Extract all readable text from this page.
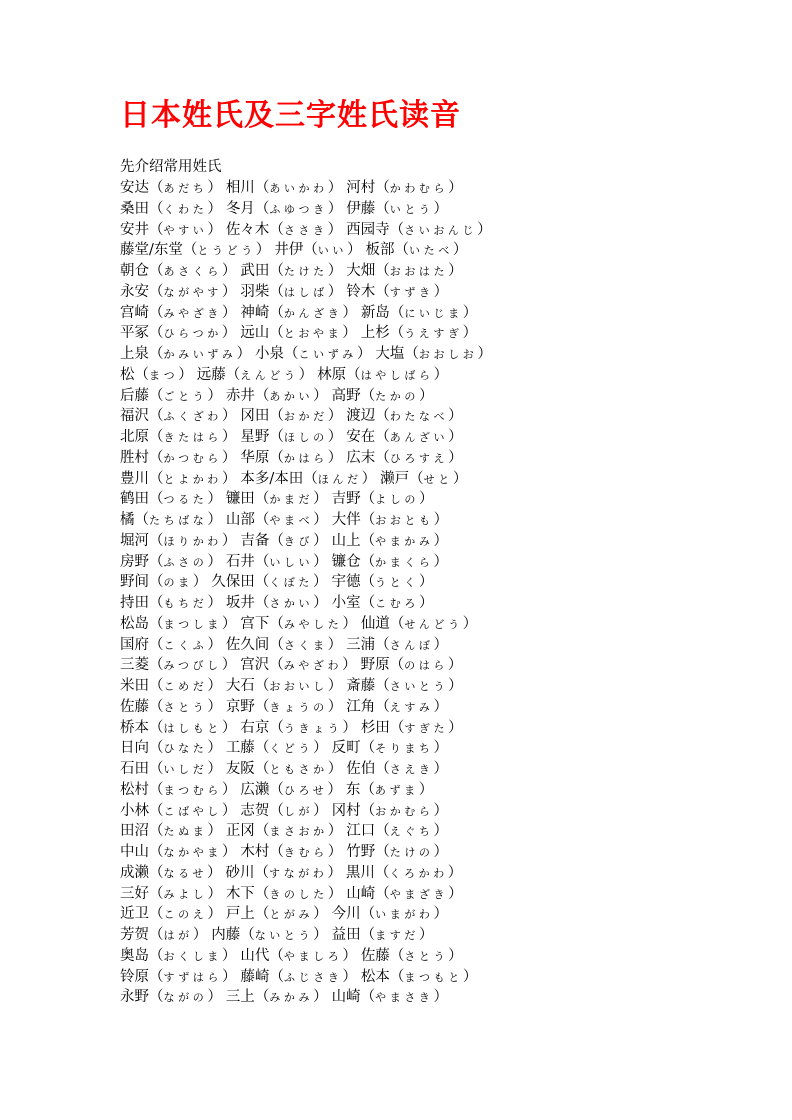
日本姓氏及三字姓氏读音

先介绍常用姓氏

安达（あだち） 相川（あいかわ） 河村（かわむら）
桑田（くわた） 冬月（ふゆつき） 伊藤（いとう）
安井（やすい） 佐々木（ささき） 西园寺（さいおんじ）
藤堂/东堂（とうどう） 井伊（いい） 板部（いたべ）
朝仓（あさくら） 武田（たけた） 大畑（おおはた）
永安（ながやす） 羽柴（はしば） 铃木（すずき）
宫崎（みやざき） 神崎（かんざき） 新岛（にいじま）
平冢（ひらつか） 远山（とおやま） 上杉（うえすぎ）
上泉（かみいずみ） 小泉（こいずみ） 大塩（おおしお）
松（まつ） 远藤（えんどう） 林原（はやしばら）
后藤（ごとう） 赤井（あかい） 高野（たかの）
福沢（ふくざわ） 冈田（おかだ） 渡辺（わたなべ）
北原（きたはら） 星野（ほしの） 安在（あんざい）
胜村（かつむら） 华原（かはら） 広末（ひろすえ）
豊川（とよかわ） 本多/本田（ほんだ） 濑戸（せと）
鹤田（つるた） 镰田（かまだ） 吉野（よしの）
橘（たちばな） 山部（やまべ） 大伴（おおとも）
堀河（ほりかわ） 吉备（きび） 山上（やまかみ）
房野（ふさの） 石井（いしい） 镰仓（かまくら）
野间（のま） 久保田（くぼた） 宇德（うとく）
持田（もちだ） 坂井（さかい） 小室（こむろ）
松岛（まつしま） 宫下（みやした） 仙道（せんどう）
国府（こくふ） 佐久间（さくま） 三浦（さんぼ）
三菱（みつびし） 宫沢（みやざわ） 野原（のはら）
米田（こめだ） 大石（おおいし） 斎藤（さいとう）
佐藤（さとう） 京野（きょうの） 江角（えすみ）
桥本（はしもと） 右京（うきょう） 杉田（すぎた）
日向（ひなた） 工藤（くどう） 反町（そりまち）
石田（いしだ） 友阪（ともさか） 佐伯（さえき）
松村（まつむら） 広濑（ひろせ） 东（あずま）
小林（こばやし） 志贺（しが） 冈村（おかむら）
田沼（たぬま） 正冈（まさおか） 江口（えぐち）
中山（なかやま） 木村（きむら） 竹野（たけの）
成濑（なるせ） 砂川（すながわ） 黒川（くろかわ）
三好（みよし） 木下（きのした） 山崎（やまざき）
近卫（このえ） 戸上（とがみ） 今川（いまがわ）
芳贺（はが） 内藤（ないとう） 益田（ますだ）
奥岛（おくしま） 山代（やましろ） 佐藤（さとう）
铃原（すずはら） 藤崎（ふじさき） 松本（まつもと）
永野（ながの） 三上（みかみ） 山崎（やまさき）
